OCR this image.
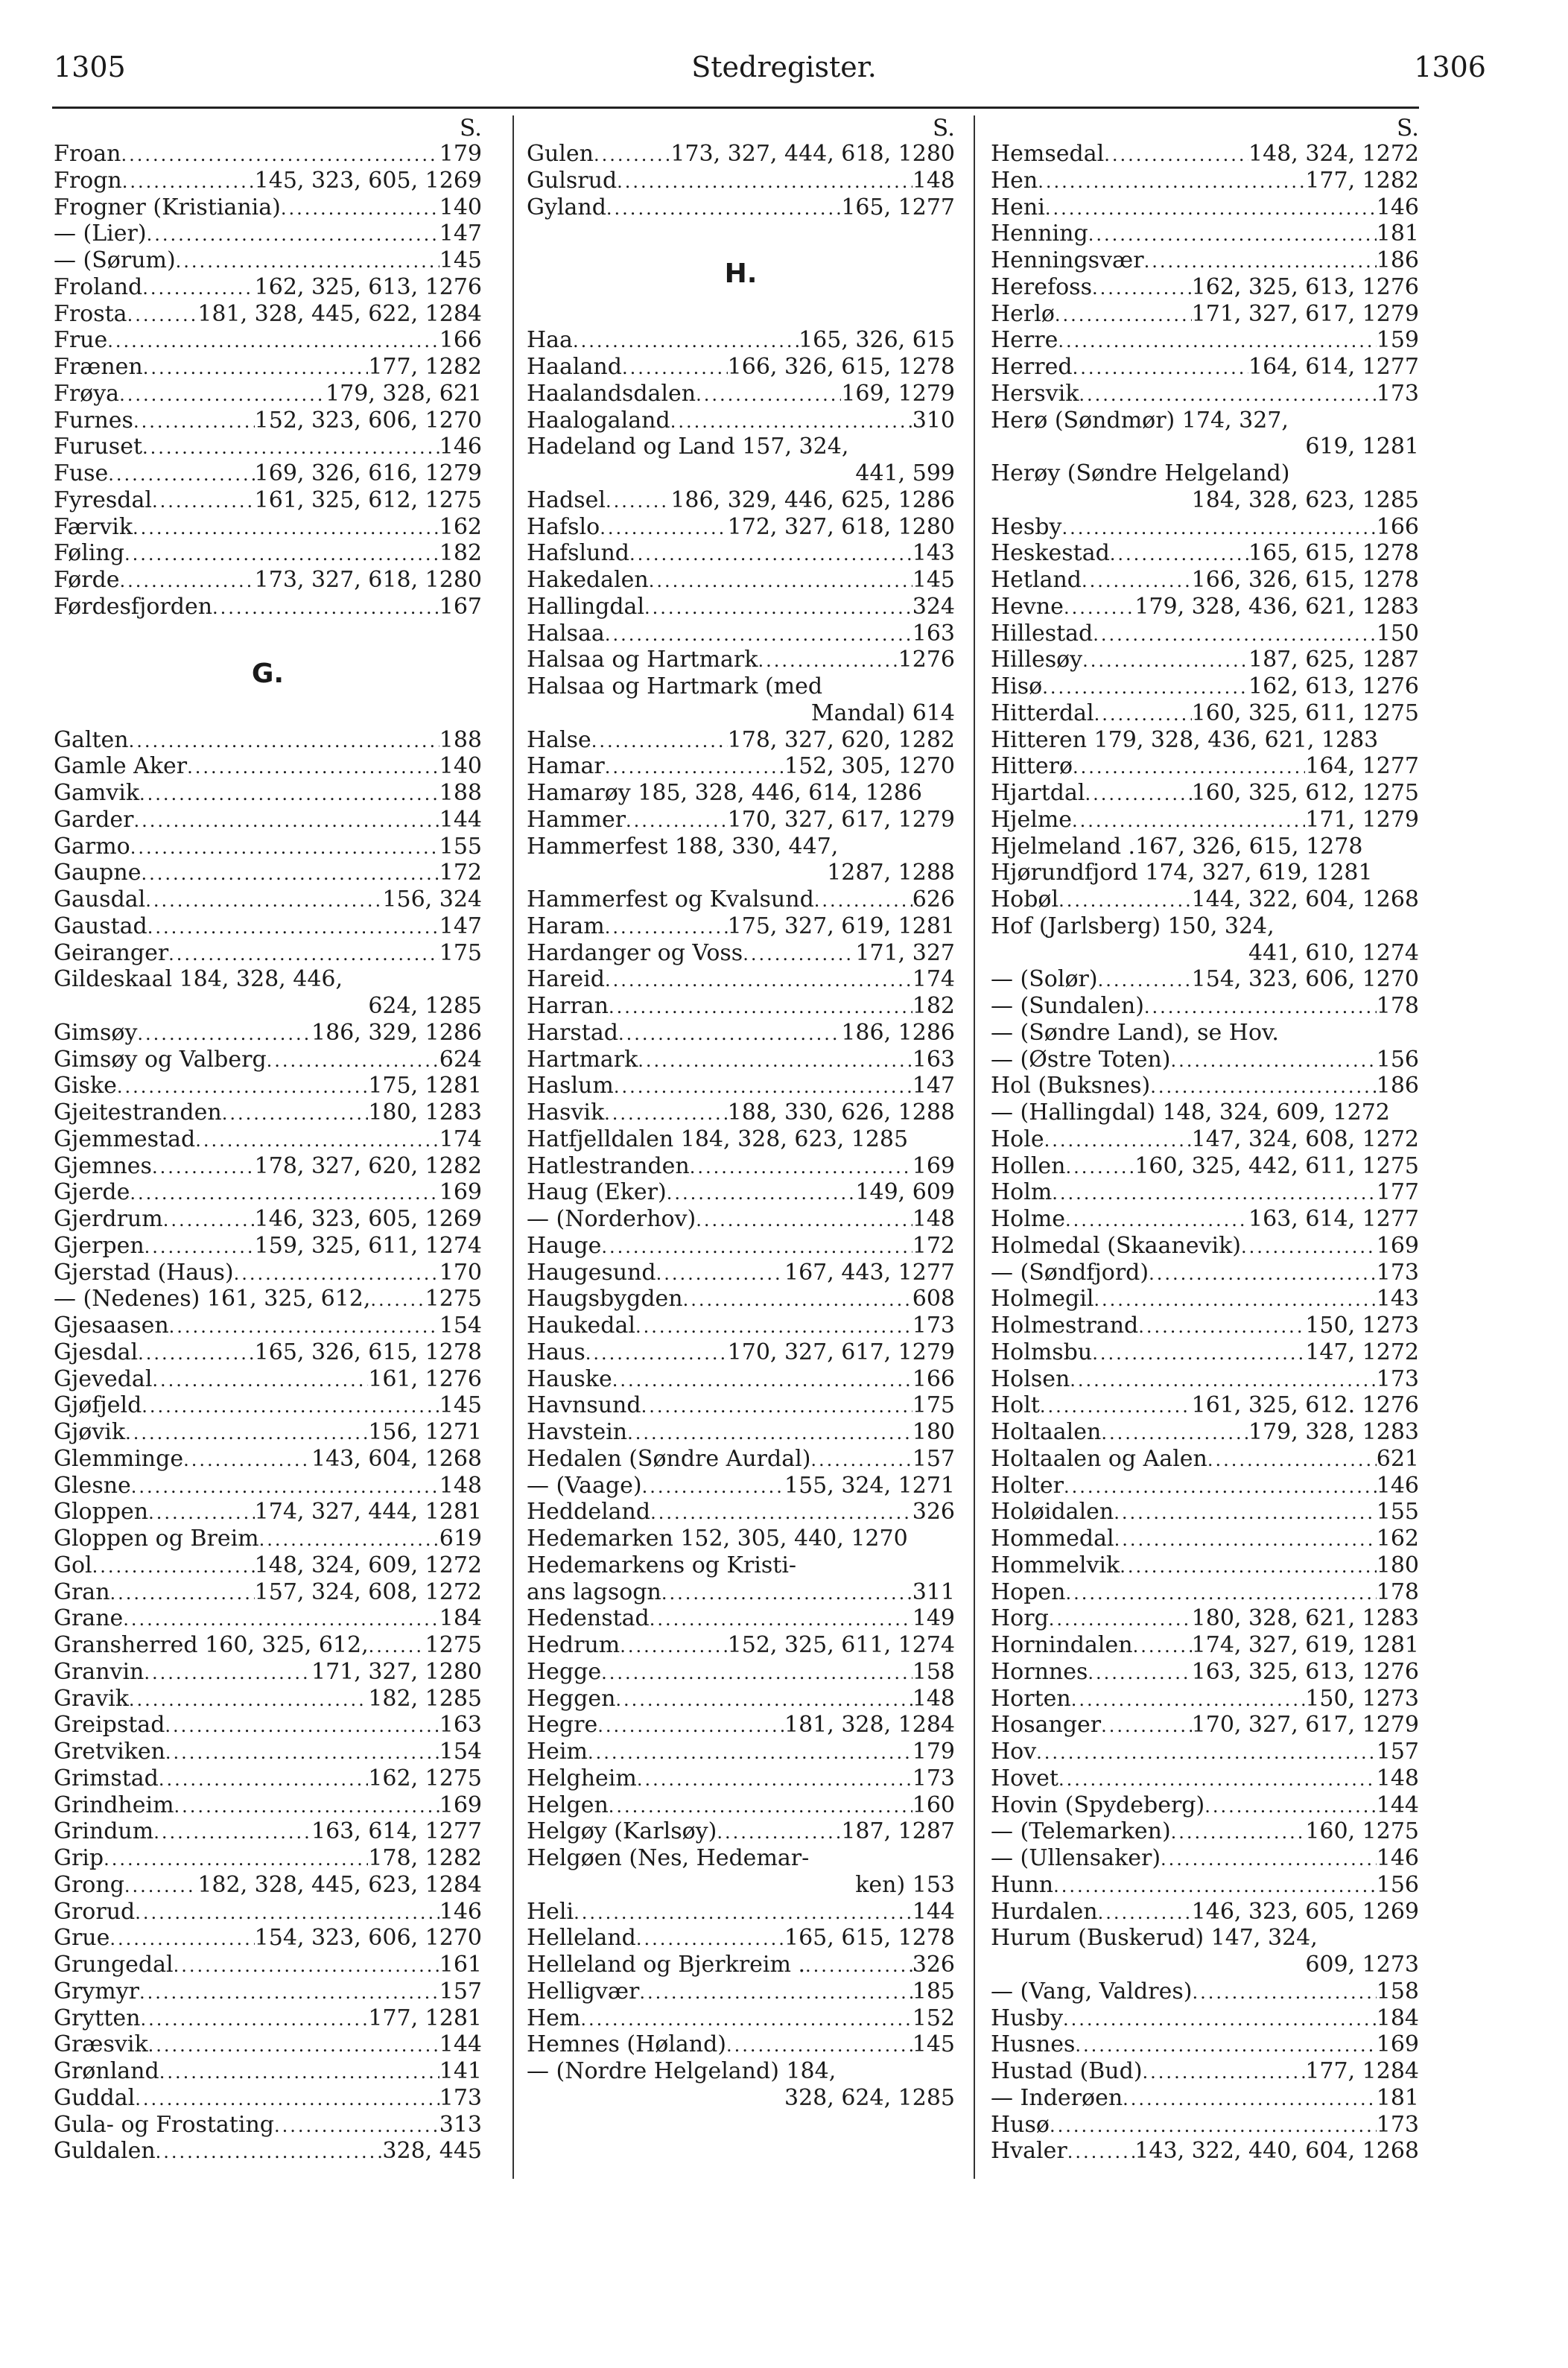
1305	Stedregister.	1306
S.
Froan .....	179
Frogn .....	145, 323, 605, 1269
Frogner (Kristiania) .....	140
— (Lier) .....	147
— (Sørum) .....	145
Froland .....	162, 325, 613, 1276
Frosta .....	181, 328, 445, 622, 1284
Frue .....	166
Frænen .....	177, 1282
Frøya .....	179, 328, 621
Furnes .....	152, 323, 606, 1270
Furuset .....	146
Fuse .....	169, 326, 616, 1279
Fyresdal .....	161, 325, 612, 1275
Færvik .....	162
Føling .....	182
Førde .....	173, 327, 618, 1280
Førdesfjorden .....	167
G.
Galten .....	188
Gamle Aker .....	140
Gamvik .....	188
Garder .....	144
Garmo .....	155
Gaupne .....	172
Gausdal .....	156, 324
Gaustad .....	147
Geiranger .....	175
Gildeskaal 184, 328, 446,
624, 1285
Gimsøy .....	186, 329, 1286
Gimsøy og Valberg .....	624
Giske .....	175, 1281
Gjeitestranden .....	180, 1283
Gjemmestad .....	174
Gjemnes .....	178, 327, 620, 1282
Gjerde .....	169
Gjerdrum .....	146, 323, 605, 1269
Gjerpen .....	159, 325, 611, 1274
Gjerstad (Haus) .....	170
— (Nedenes) 161, 325, 612, ..... 1275
Gjesaasen .....	154
Gjesdal .....	165, 326, 615, 1278
Gjevedal .....	161, 1276
Gjøfjeld .....	145
Gjøvik .....	156, 1271
Glemminge .....	143, 604, 1268
Glesne .....	148
Gloppen .....	174, 327, 444, 1281
Gloppen og Breim .....	619
Gol .....	148, 324, 609, 1272
Gran .....	157, 324, 608, 1272
Grane .....	184
Gransherred 160, 325, 612, .....	1275
Granvin .....	171, 327, 1280
Gravik .....	182, 1285
Greipstad .....	163
Gretviken .....	154
Grimstad .....	162, 1275
Grindheim .....	169
Grindum .....	163, 614, 1277
Grip .....	178, 1282
Grong .....	182, 328, 445, 623, 1284
Grorud .....	146
Grue .....	154, 323, 606, 1270
Grungedal .....	161
Grymyr .....	157
Grytten .....	177, 1281
Græsvik .....	144
Grønland .....	141
Guddal .....	173
Gula- og Frostating .....	313
Guldalen .....	328, 445
S.
Gulen .....	173, 327, 444, 618, 1280
Gulsrud .....	148
Gyland .....	165, 1277
H.
Haa .....	165, 326, 615
Haaland .....	166, 326, 615, 1278
Haalandsdalen .....	169, 1279
Haalogaland .....	310
Hadeland og Land 157, 324,
441, 599
Hadsel .....	186, 329, 446, 625, 1286
Hafslo .....	172, 327, 618, 1280
Hafslund .....	143
Hakedalen .....	145
Hallingdal .....	324
Halsaa .....	163
Halsaa og Hartmark .....	1276
Halsaa og Hartmark (med
Mandal) 614
Halse .....	178, 327, 620, 1282
Hamar .....	152, 305, 1270
Hamarøy 185, 328, 446, 614, 1286
Hammer .....	170, 327, 617, 1279
Hammerfest 188, 330, 447,
1287, 1288
Hammerfest og Kvalsund .....	626
Haram .....	175, 327, 619, 1281
Hardanger og Voss .....	171, 327
Hareid .....	174
Harran .....	182
Harstad .....	186, 1286
Hartmark .....	163
Haslum .....	147
Hasvik .....	188, 330, 626, 1288
Hatfjelldalen 184, 328, 623, 1285
Hatlestranden .....	169
Haug (Eker) .....	149, 609
— (Norderhov) .....	148
Hauge .....	172
Haugesund .....	167, 443, 1277
Haugsbygden .....	608
Haukedal .....	173
Haus .....	170, 327, 617, 1279
Hauske .....	166
Havnsund .....	175
Havstein .....	180
Hedalen (Søndre Aurdal) .....	157
— (Vaage) .....	155, 324, 1271
Heddeland .....	326
Hedemarken 152, 305, 440, 1270
Hedemarkens og Kristi-
ans lagsogn .....	311
Hedenstad .....	149
Hedrum .....	152, 325, 611, 1274
Hegge .....	158
Heggen .....	148
Hegre .....	181, 328, 1284
Heim .....	179
Helgheim .....	173
Helgen .....	160
Helgøy (Karlsøy) .....	187, 1287
Helgøen (Nes, Hedemar-
ken) 153
Heli .....	144
Helleland .....	165, 615, 1278
Helleland og Bjerkreim . .....	326
Helligvær .....	185
Hem .....	152
Hemnes (Høland) .....	145
— (Nordre Helgeland) 184,
328, 624, 1285
S.
Hemsedal .....	148, 324, 1272
Hen .....	177, 1282
Heni .....	146
Henning .....	181
Henningsvær .....	186
Herefoss .....	162, 325, 613, 1276
Herlø .....	171, 327, 617, 1279
Herre .....	159
Herred .....	164, 614, 1277
Hersvik .....	173
Herø (Søndmør) 174, 327,
619, 1281
Herøy (Søndre Helgeland)
184, 328, 623, 1285
Hesby .....	166
Heskestad .....	165, 615, 1278
Hetland .....	166, 326, 615, 1278
Hevne .....	179, 328, 436, 621, 1283
Hillestad .....	150
Hillesøy .....	187, 625, 1287
Hisø .....	162, 613, 1276
Hitterdal .....	160, 325, 611, 1275
Hitteren 179, 328, 436, 621, 1283
Hitterø .....	164, 1277
Hjartdal .....	160, 325, 612, 1275
Hjelme .....	171, 1279
Hjelmeland .167, 326, 615, 1278
Hjørundfjord 174, 327, 619, 1281
Hobøl .....	144, 322, 604, 1268
Hof (Jarlsberg) 150, 324,
441, 610, 1274
— (Solør) .....	154, 323, 606, 1270
— (Sundalen) .....	178
— (Søndre Land), se Hov.
— (Østre Toten) .....	156
Hol (Buksnes) .....	186
— (Hallingdal) 148, 324, 609, 1272
Hole .....	147, 324, 608, 1272
Hollen .....	160, 325, 442, 611, 1275
Holm .....	177
Holme .....	163, 614, 1277
Holmedal (Skaanevik) .....	169
— (Søndfjord) .....	173
Holmegil .....	143
Holmestrand .....	150, 1273
Holmsbu .....	147, 1272
Holsen .....	173
Holt .....	161, 325, 612. 1276
Holtaalen .....	179, 328, 1283
Holtaalen og Aalen .....	621
Holter .....	146
Holøidalen .....	155
Hommedal .....	162
Hommelvik .....	180
Hopen .....	178
Horg .....	180, 328, 621, 1283
Hornindalen .....	174, 327, 619, 1281
Hornnes .....	163, 325, 613, 1276
Horten .....	150, 1273
Hosanger .....	170, 327, 617, 1279
Hov .....	157
Hovet .....	148
Hovin (Spydeberg) .....	144
— (Telemarken) .....	160, 1275
— (Ullensaker) .....	146
Hunn .....	156
Hurdalen .....	146, 323, 605, 1269
Hurum (Buskerud) 147, 324,
609, 1273
— (Vang, Valdres) .....	158
Husby .....	184
Husnes .....	169
Hustad (Bud) .....	177, 1284
— Inderøen .....	181
Husø .....	173
Hvaler .....	143, 322, 440, 604, 1268
